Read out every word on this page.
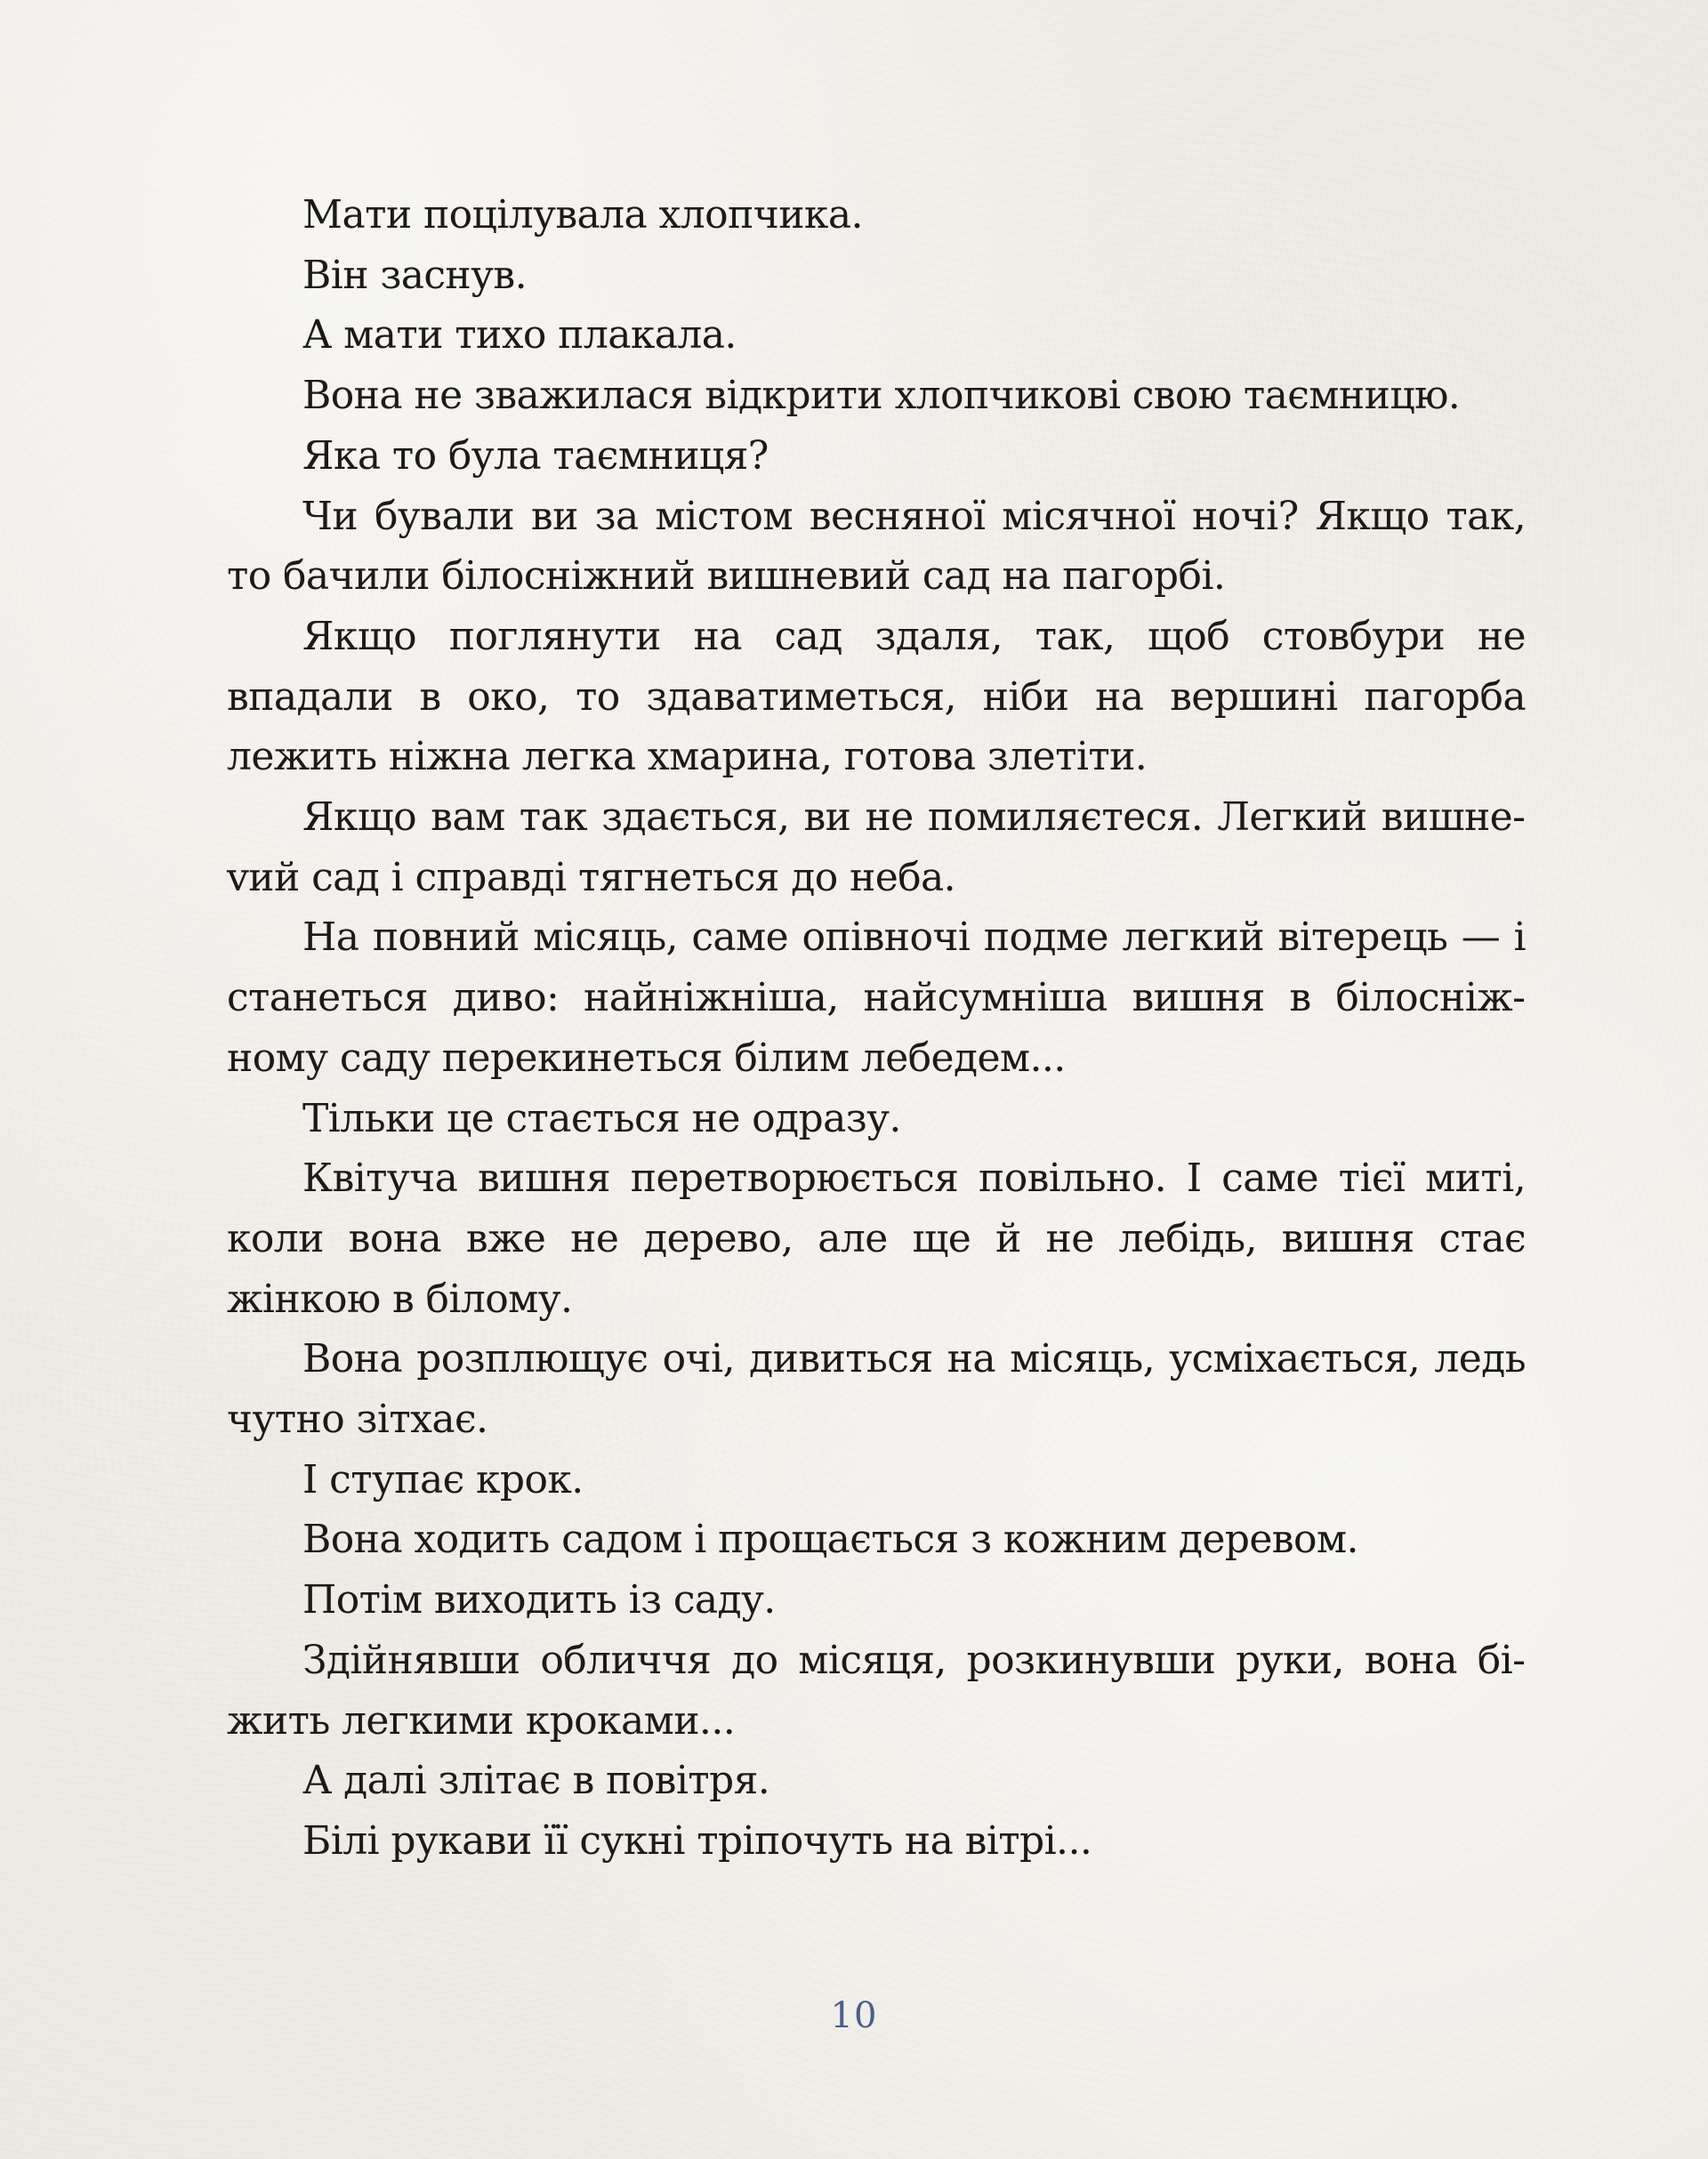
Мати поцілувала хлопчика.

Він заснув.

А мати тихо плакала.

Вона не зважилася відкрити хлопчикові свою таємницю.

Яка то була таємниця?

Чи бували ви за містом весняної місячної ночі? Якщо так, то бачили білосніжний вишневий сад на пагорбі.

Якщо поглянути на сад здаля, так, щоб стовбури не впадали в око, то здаватиметься, ніби на вершині пагорба лежить ніжна легка хмарина, готова злетіти.

Якщо вам так здається, ви не помиляєтеся. Легкий вишнеvий сад і справді тягнеться до неба.

На повний місяць, саме опівночі подме легкий вітерець — і станеться диво: найніжніша, найсумніша вишня в білосніжному саду перекинеться білим лебедем...

Тільки це стається не одразу.

Квітуча вишня перетворюється повільно. І саме тієї миті, коли вона вже не дерево, але ще й не лебідь, вишня стає жінкою в білому.

Вона розплющує очі, дивиться на місяць, усміхається, ледь чутно зітхає.

І ступає крок.

Вона ходить садом і прощається з кожним деревом.

Потім виходить із саду.

Здійнявши обличчя до місяця, розкинувши руки, вона біжить легкими кроками...

А далі злітає в повітря.

Білі рукави її сукні тріпочуть на вітрі...

10
